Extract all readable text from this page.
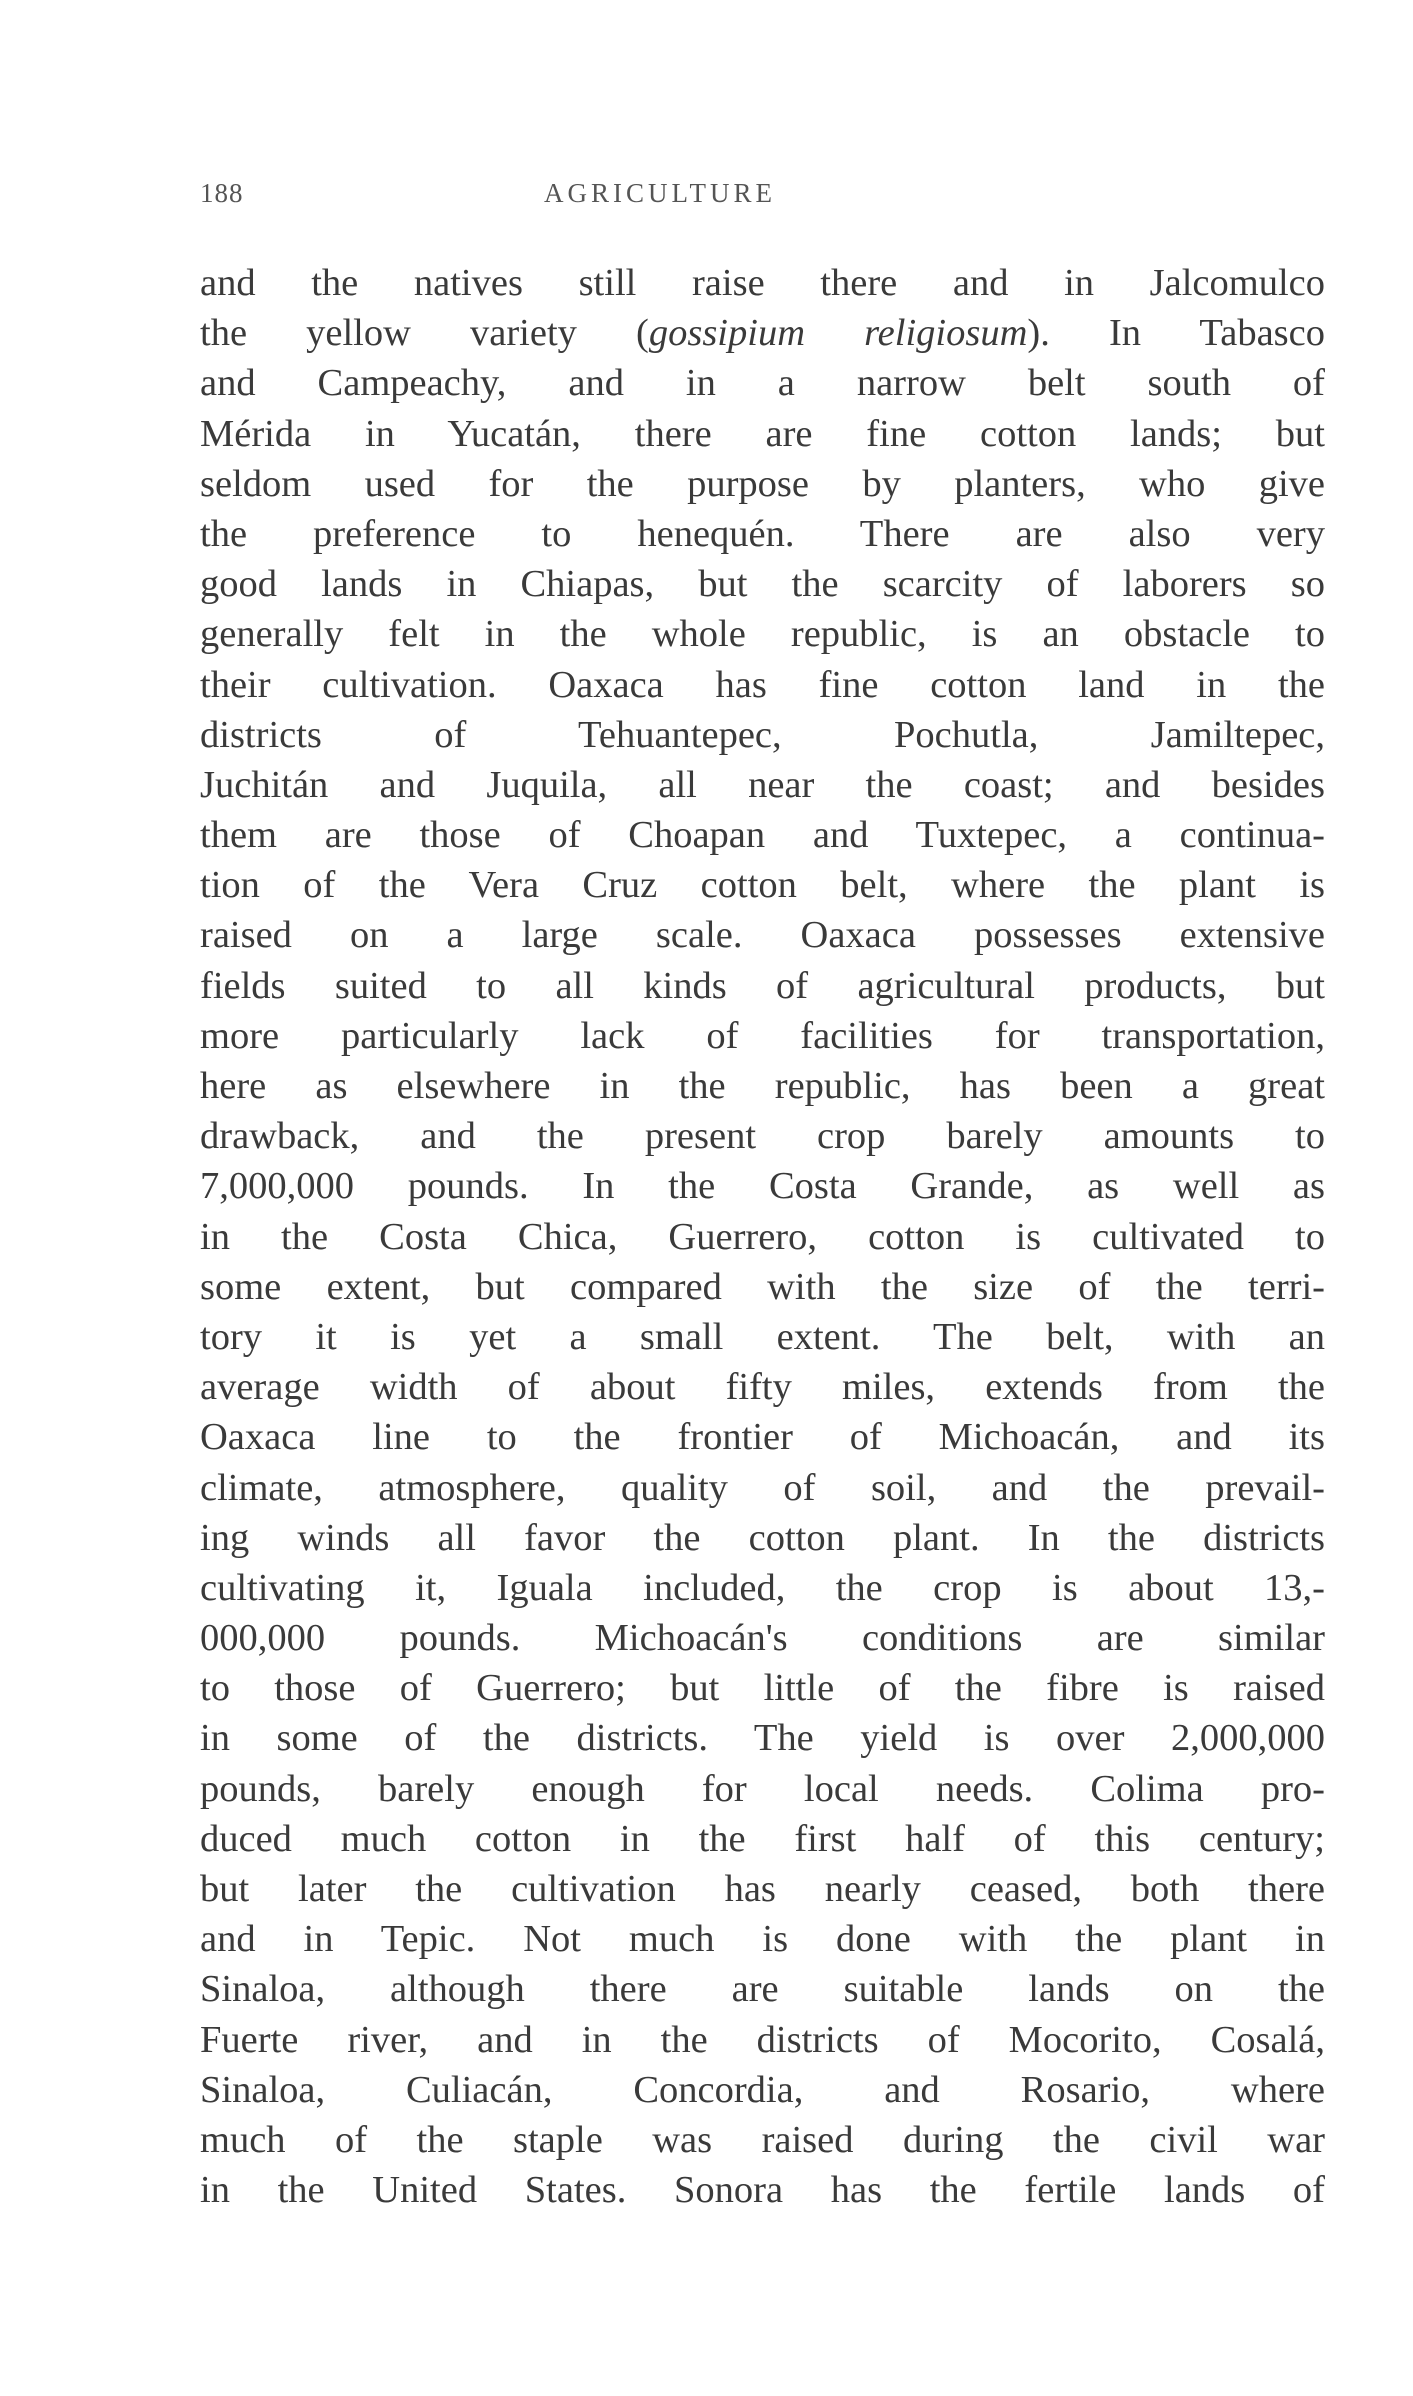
188	AGRICULTURE
and the natives still raise there and in Jalcomulco
the yellow variety (gossipium religiosum). In Tabasco
and Campeachy, and in a narrow belt south of
Mérida in Yucatán, there are fine cotton lands; but
seldom used for the purpose by planters, who give
the preference to henequén. There are also very
good lands in Chiapas, but the scarcity of laborers so
generally felt in the whole republic, is an obstacle to
their cultivation. Oaxaca has fine cotton land in the
districts of Tehuantepec, Pochutla, Jamiltepec,
Juchitán and Juquila, all near the coast; and besides
them are those of Choapan and Tuxtepec, a continua-
tion of the Vera Cruz cotton belt, where the plant is
raised on a large scale. Oaxaca possesses extensive
fields suited to all kinds of agricultural products, but
more particularly lack of facilities for transportation,
here as elsewhere in the republic, has been a great
drawback, and the present crop barely amounts to
7,000,000 pounds. In the Costa Grande, as well as
in the Costa Chica, Guerrero, cotton is cultivated to
some extent, but compared with the size of the terri-
tory it is yet a small extent. The belt, with an
average width of about fifty miles, extends from the
Oaxaca line to the frontier of Michoacán, and its
climate, atmosphere, quality of soil, and the prevail-
ing winds all favor the cotton plant. In the districts
cultivating it, Iguala included, the crop is about 13,-
000,000 pounds. Michoacán's conditions are similar
to those of Guerrero; but little of the fibre is raised
in some of the districts. The yield is over 2,000,000
pounds, barely enough for local needs. Colima pro-
duced much cotton in the first half of this century;
but later the cultivation has nearly ceased, both there
and in Tepic. Not much is done with the plant in
Sinaloa, although there are suitable lands on the
Fuerte river, and in the districts of Mocorito, Cosalá,
Sinaloa, Culiacán, Concordia, and Rosario, where
much of the staple was raised during the civil war
in the United States. Sonora has the fertile lands of
